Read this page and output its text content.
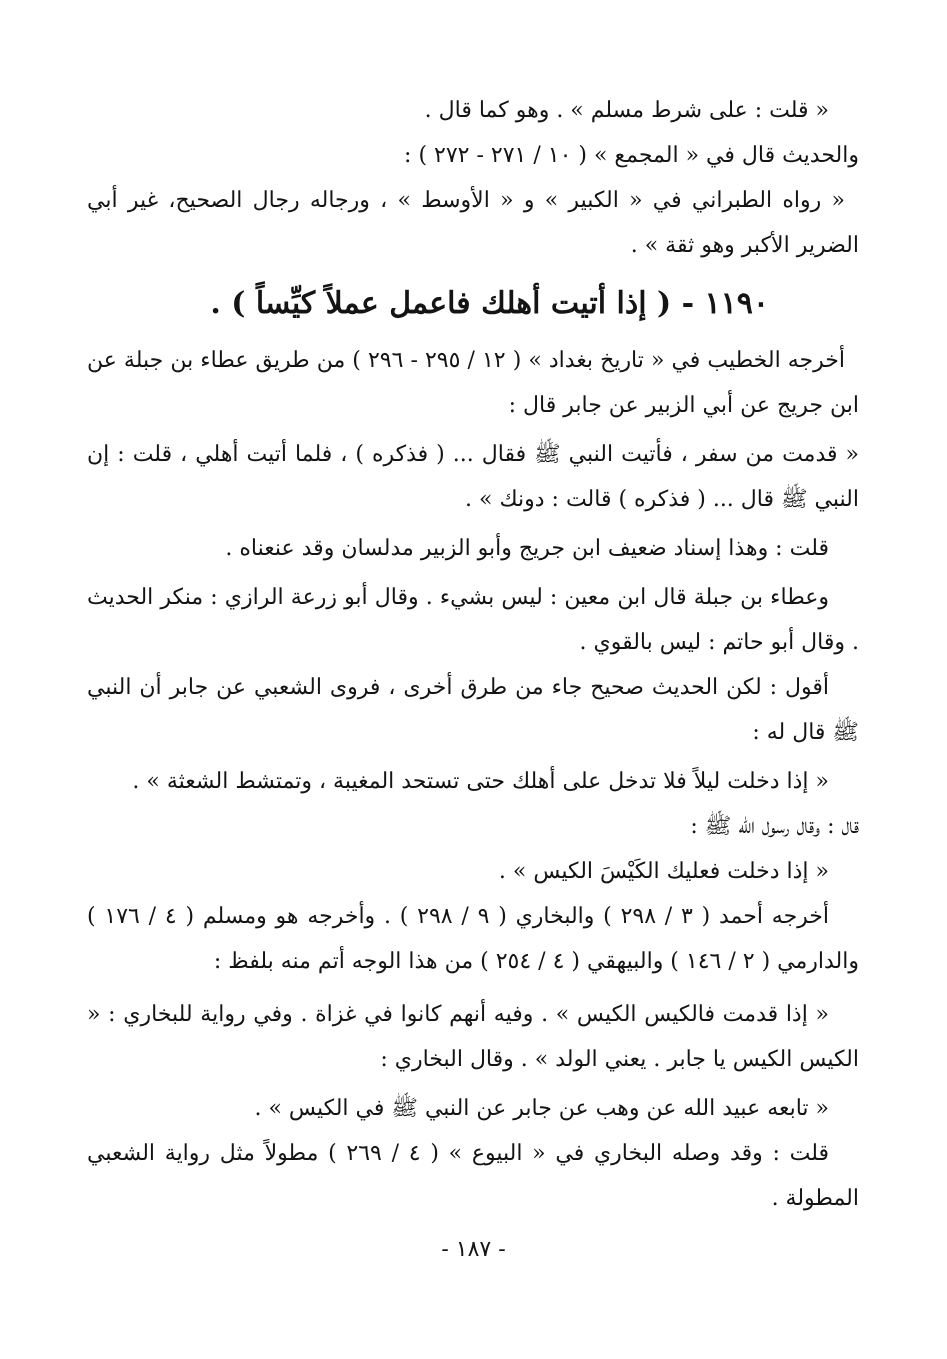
« قلت : على شرط مسلم » . وهو كما قال .
والحديث قال في « المجمع » ( ١٠ / ٢٧١ - ٢٧٢ ) :
« رواه الطبراني في « الكبير » و « الأوسط » ، ورجاله رجال الصحيح، غير أبي الضرير الأكبر وهو ثقة » .
١١٩٠ - ( إذا أتيت أهلك فاعمل عملاً كيِّساً ) .
أخرجه الخطيب في « تاريخ بغداد » ( ١٢ / ٢٩٥ - ٢٩٦ ) من طريق عطاء بن جبلة عن ابن جريج عن أبي الزبير عن جابر قال :
« قدمت من سفر ، فأتيت النبي ﷺ فقال ... ( فذكره ) ، فلما أتيت أهلي ، قلت : إن النبي ﷺ قال ... ( فذكره ) قالت : دونك » .
قلت : وهذا إسناد ضعيف ابن جريج وأبو الزبير مدلسان وقد عنعناه .
وعطاء بن جبلة قال ابن معين : ليس بشيء . وقال أبو زرعة الرازي : منكر الحديث . وقال أبو حاتم : ليس بالقوي .
أقول : لكن الحديث صحيح جاء من طرق أخرى ، فروى الشعبي عن جابر أن النبي ﷺ قال له :
« إذا دخلت ليلاً فلا تدخل على أهلك حتى تستحد المغيبة ، وتمتشط الشعثة » .
قال : وقال رسول الله ﷺ :
« إذا دخلت فعليك الكَيْسَ الكيس » .
أخرجه أحمد ( ٣ / ٢٩٨ ) والبخاري ( ٩ / ٢٩٨ ) . وأخرجه هو ومسلم ( ٤ / ١٧٦ ) والدارمي ( ٢ / ١٤٦ ) والبيهقي ( ٤ / ٢٥٤ ) من هذا الوجه أتم منه بلفظ :
« إذا قدمت فالكيس الكيس » . وفيه أنهم كانوا في غزاة . وفي رواية للبخاري : « الكيس الكيس يا جابر . يعني الولد » . وقال البخاري :
« تابعه عبيد الله عن وهب عن جابر عن النبي ﷺ في الكيس » .
قلت : وقد وصله البخاري في « البيوع » ( ٤ / ٢٦٩ ) مطولاً مثل رواية الشعبي المطولة .
- ١٨٧ -
